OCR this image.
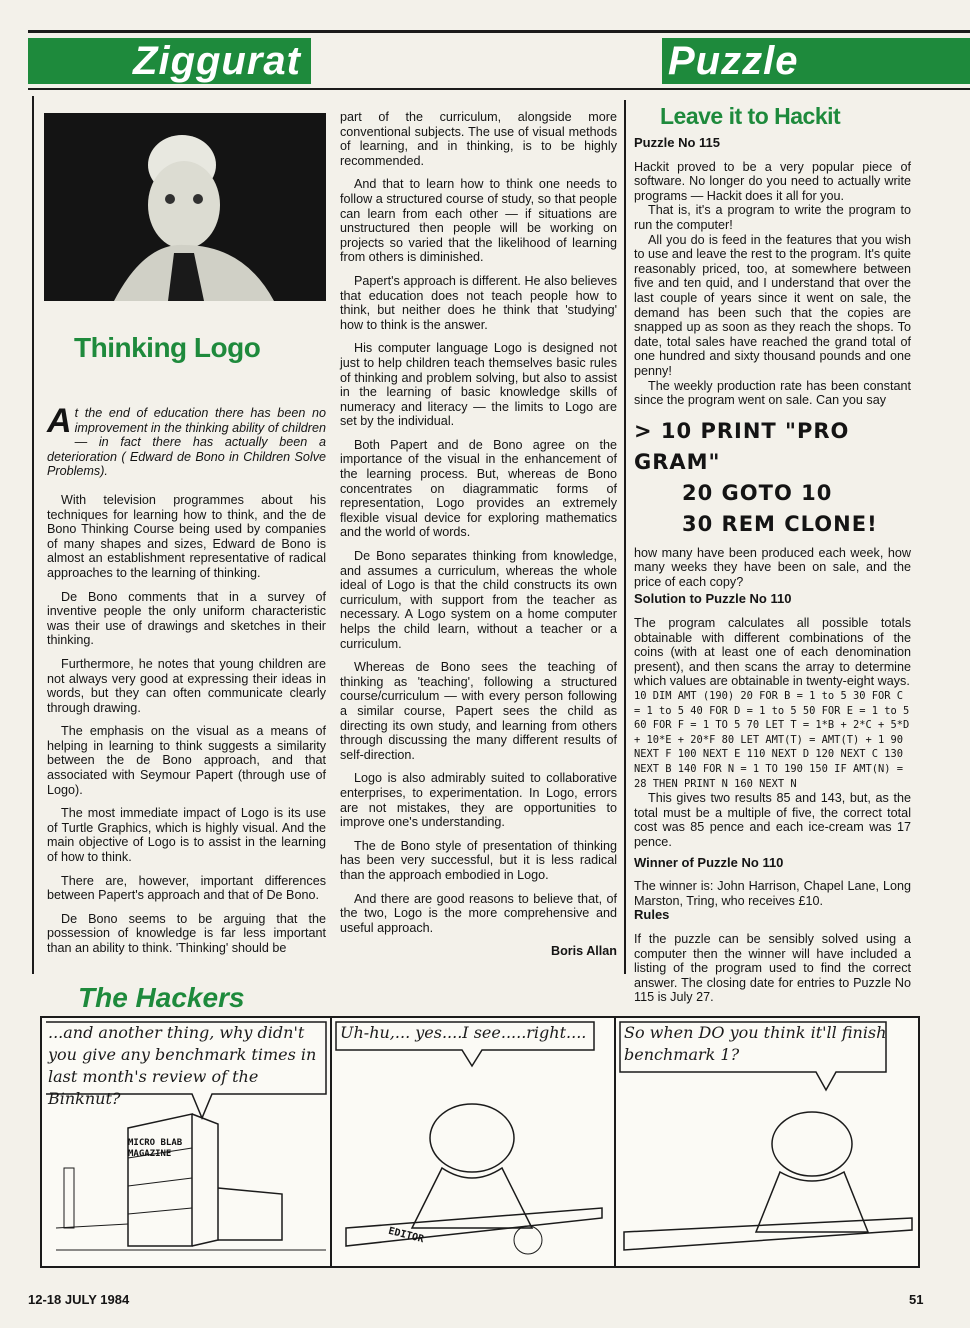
Ziggurat	Puzzle
Thinking Logo

At the end of education there has been no improvement in the thinking ability of children — in fact there has actually been a deterioration ( Edward de Bono in Children Solve Problems).

With television programmes about his techniques for learning how to think, and the de Bono Thinking Course being used by companies of many shapes and sizes, Edward de Bono is almost an establishment representative of radical approaches to the learning of thinking.

De Bono comments that in a survey of inventive people the only uniform characteristic was their use of drawings and sketches in their thinking.

Furthermore, he notes that young children are not always very good at expressing their ideas in words, but they can often communicate clearly through drawing.

The emphasis on the visual as a means of helping in learning to think suggests a similarity between the de Bono approach, and that associated with Seymour Papert (through use of Logo).

The most immediate impact of Logo is its use of Turtle Graphics, which is highly visual. And the main objective of Logo is to assist in the learning of how to think.

There are, however, important differences between Papert's approach and that of De Bono.

De Bono seems to be arguing that the possession of knowledge is far less important than an ability to think. 'Thinking' should be

part of the curriculum, alongside more conventional subjects. The use of visual methods of learning, and in thinking, is to be highly recommended.

And that to learn how to think one needs to follow a structured course of study, so that people can learn from each other — if situations are unstructured then people will be working on projects so varied that the likelihood of learning from others is diminished.

Papert's approach is different. He also believes that education does not teach people how to think, but neither does he think that 'studying' how to think is the answer.

His computer language Logo is designed not just to help children teach themselves basic rules of thinking and problem solving, but also to assist in the learning of basic knowledge skills of numeracy and literacy — the limits to Logo are set by the individual.

Both Papert and de Bono agree on the importance of the visual in the enhancement of the learning process. But, whereas de Bono concentrates on diagrammatic forms of representation, Logo provides an extremely flexible visual device for exploring mathematics and the world of words.

De Bono separates thinking from knowledge, and assumes a curriculum, whereas the whole ideal of Logo is that the child constructs its own curriculum, with support from the teacher as necessary. A Logo system on a home computer helps the child learn, without a teacher or a curriculum.

Whereas de Bono sees the teaching of thinking as 'teaching', following a structured course/curriculum — with every person following a similar course, Papert sees the child as directing its own study, and learning from others through discussing the many different results of self-direction.

Logo is also admirably suited to collaborative enterprises, to experimentation. In Logo, errors are not mistakes, they are opportunities to improve one's understanding.

The de Bono style of presentation of thinking has been very successful, but it is less radical than the approach embodied in Logo.

And there are good reasons to believe that, of the two, Logo is the more comprehensive and useful approach.

Boris Allan

Leave it to Hackit

Puzzle No 115

Hackit proved to be a very popular piece of software. No longer do you need to actually write programs — Hackit does it all for you.

That is, it's a program to write the program to run the computer!

All you do is feed in the features that you wish to use and leave the rest to the program. It's quite reasonably priced, too, at somewhere between five and ten quid, and I understand that over the last couple of years since it went on sale, the demand has been such that the copies are snapped up as soon as they reach the shops. To date, total sales have reached the grand total of one hundred and sixty thousand pounds and one penny!

The weekly production rate has been constant since the program went on sale. Can you say

> 10 PRINT "PRO
GRAM"
20 GOTO 10
30 REM CLONE!

how many have been produced each week, how many weeks they have been on sale, and the price of each copy?

Solution to Puzzle No 110

The program calculates all possible totals obtainable with different combinations of the coins (with at least one of each denomination present), and then scans the array to determine which values are obtainable in twenty-eight ways.

10 DIM AMT (190) 20 FOR B = 1 to 5 30 FOR C = 1 to 5 40 FOR D = 1 to 5 50 FOR E = 1 to 5 60 FOR F = 1 TO 5 70 LET T = 1*B + 2*C + 5*D + 10*E + 20*F 80 LET AMT(T) = AMT(T) + 1 90 NEXT F 100 NEXT E 110 NEXT D 120 NEXT C 130 NEXT B 140 FOR N = 1 TO 190 150 IF AMT(N) = 28 THEN PRINT N 160 NEXT N

This gives two results 85 and 143, but, as the total must be a multiple of five, the correct total cost was 85 pence and each ice-cream was 17 pence.

Winner of Puzzle No 110

The winner is: John Harrison, Chapel Lane, Long Marston, Tring, who receives £10.

Rules

If the puzzle can be sensibly solved using a computer then the winner will have included a listing of the program used to find the correct answer. The closing date for entries to Puzzle No 115 is July 27.

The Hackers
...and another thing, why didn't you give any benchmark times in last month's review of the Binknut?
MICRO BLAB MAGAZINE
Uh-hu,... yes....I see.....right....
EDITOR
So when DO you think it'll finish benchmark 1?
12-18 JULY 1984	51
